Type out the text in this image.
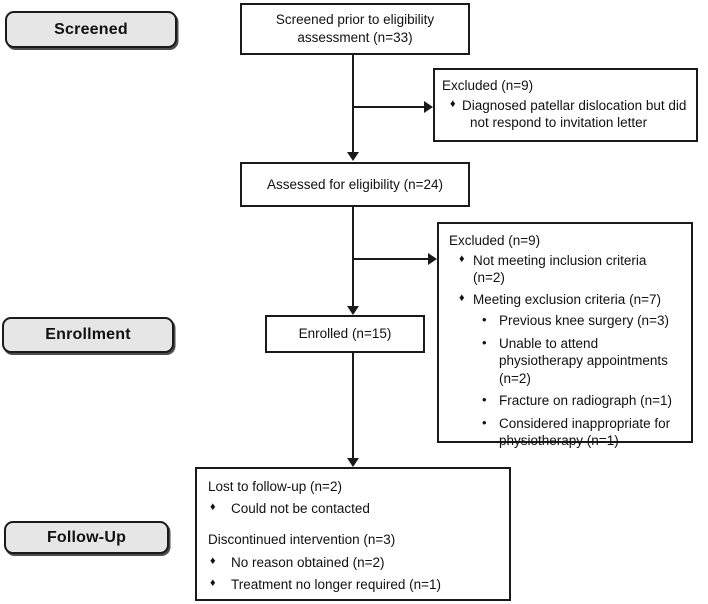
Screened
Enrollment
Follow-Up
Screened prior to eligibility assessment (n=33)
Excluded (n=9)
♦ Diagnosed patellar dislocation but did not respond to invitation letter
Assessed for eligibility (n=24)
Excluded (n=9)
♦ Not meeting inclusion criteria (n=2)
♦ Meeting exclusion criteria (n=7)
• Previous knee surgery (n=3)
• Unable to attend physiotherapy appointments (n=2)
• Fracture on radiograph (n=1)
• Considered inappropriate for physiotherapy (n=1)
Enrolled (n=15)
Lost to follow-up (n=2)
♦	Could not be contacted
Discontinued intervention (n=3)
♦	No reason obtained (n=2)
♦	Treatment no longer required (n=1)
